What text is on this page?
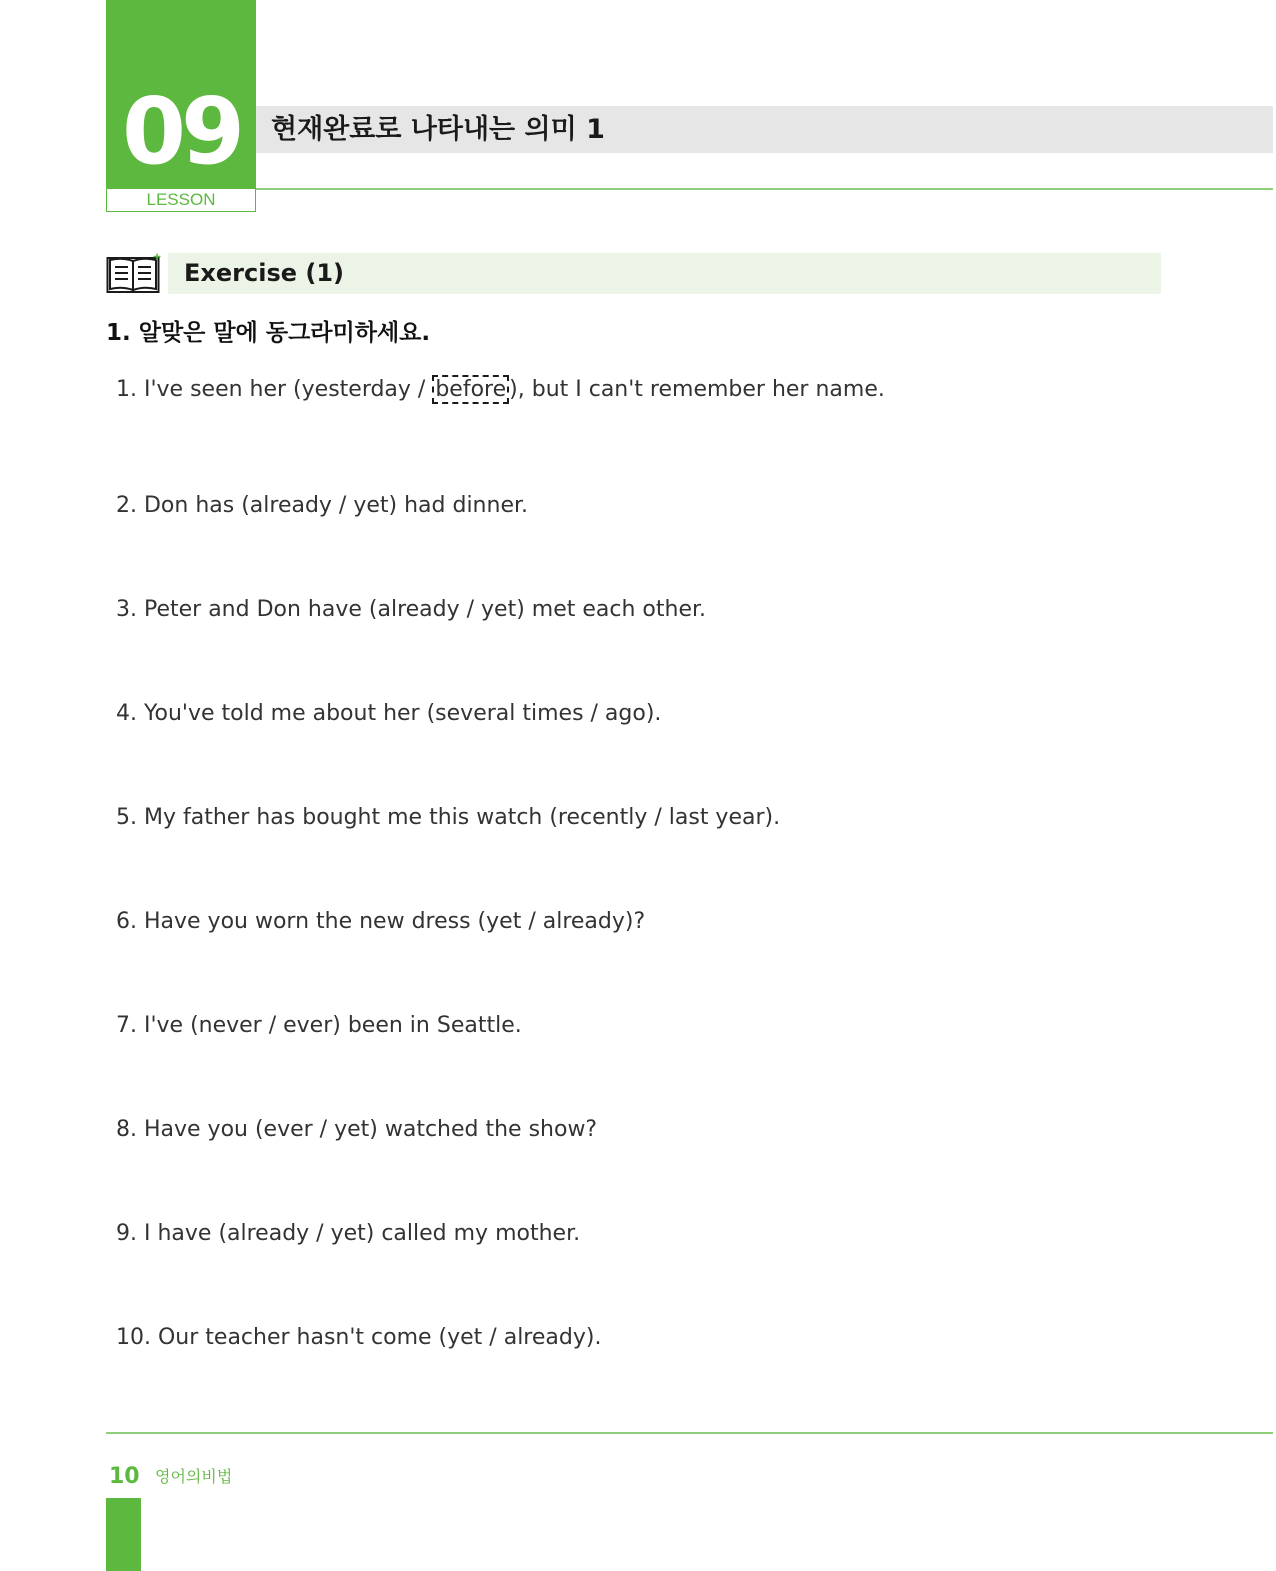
09
LESSON
현재완료로 나타내는 의미 1
Exercise (1)
1. 알맞은 말에 동그라미하세요.
1. I've seen her (yesterday / before ), but I can't remember her name.
2. Don has (already / yet) had dinner.
3. Peter and Don have (already / yet) met each other.
4. You've told me about her (several times / ago).
5. My father has bought me this watch (recently / last year).
6. Have you worn the new dress (yet / already)?
7. I've (never / ever) been in Seattle.
8. Have you (ever / yet) watched the show?
9. I have (already / yet) called my mother.
10. Our teacher hasn't come (yet / already).
10 영어의비법
